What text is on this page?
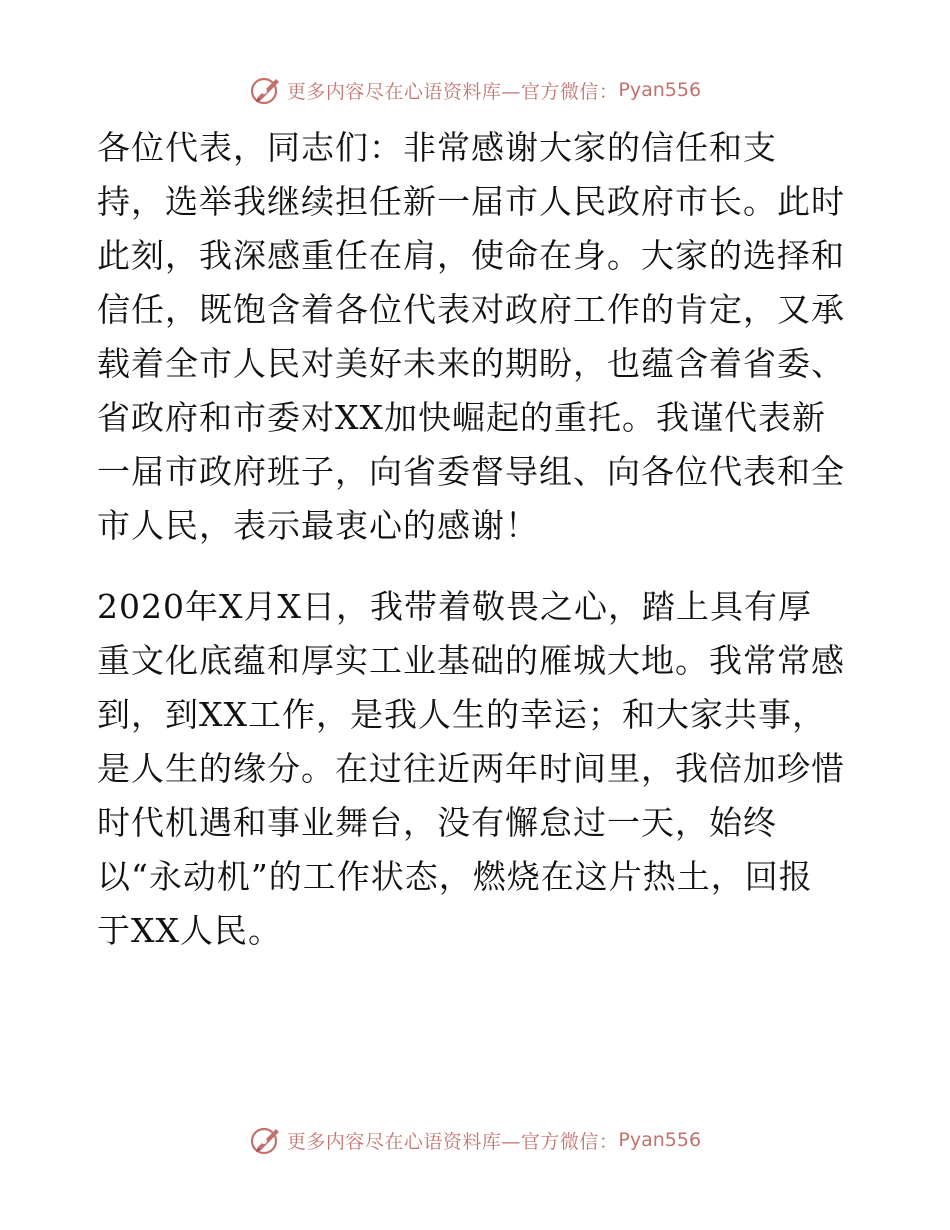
更多内容尽在心语资料库—官方微信： Pyan556
各位代表，同志们：非常感谢大家的信任和支
持，选举我继续担任新一届市人民政府市长。此时
此刻，我深感重任在肩，使命在身。大家的选择和
信任，既饱含着各位代表对政府工作的肯定，又承
载着全市人民对美好未来的期盼，也蕴含着省委、
省政府和市委对XX加快崛起的重托。我谨代表新
一届市政府班子，向省委督导组、向各位代表和全
市人民，表示最衷心的感谢！
2020年X月X日，我带着敬畏之心，踏上具有厚
重文化底蕴和厚实工业基础的雁城大地。我常常感
到，到XX工作，是我人生的幸运；和大家共事，
是人生的缘分。在过往近两年时间里，我倍加珍惜
时代机遇和事业舞台，没有懈怠过一天，始终
以“永动机”的工作状态，燃烧在这片热土，回报
于XX人民。
更多内容尽在心语资料库—官方微信： Pyan556
